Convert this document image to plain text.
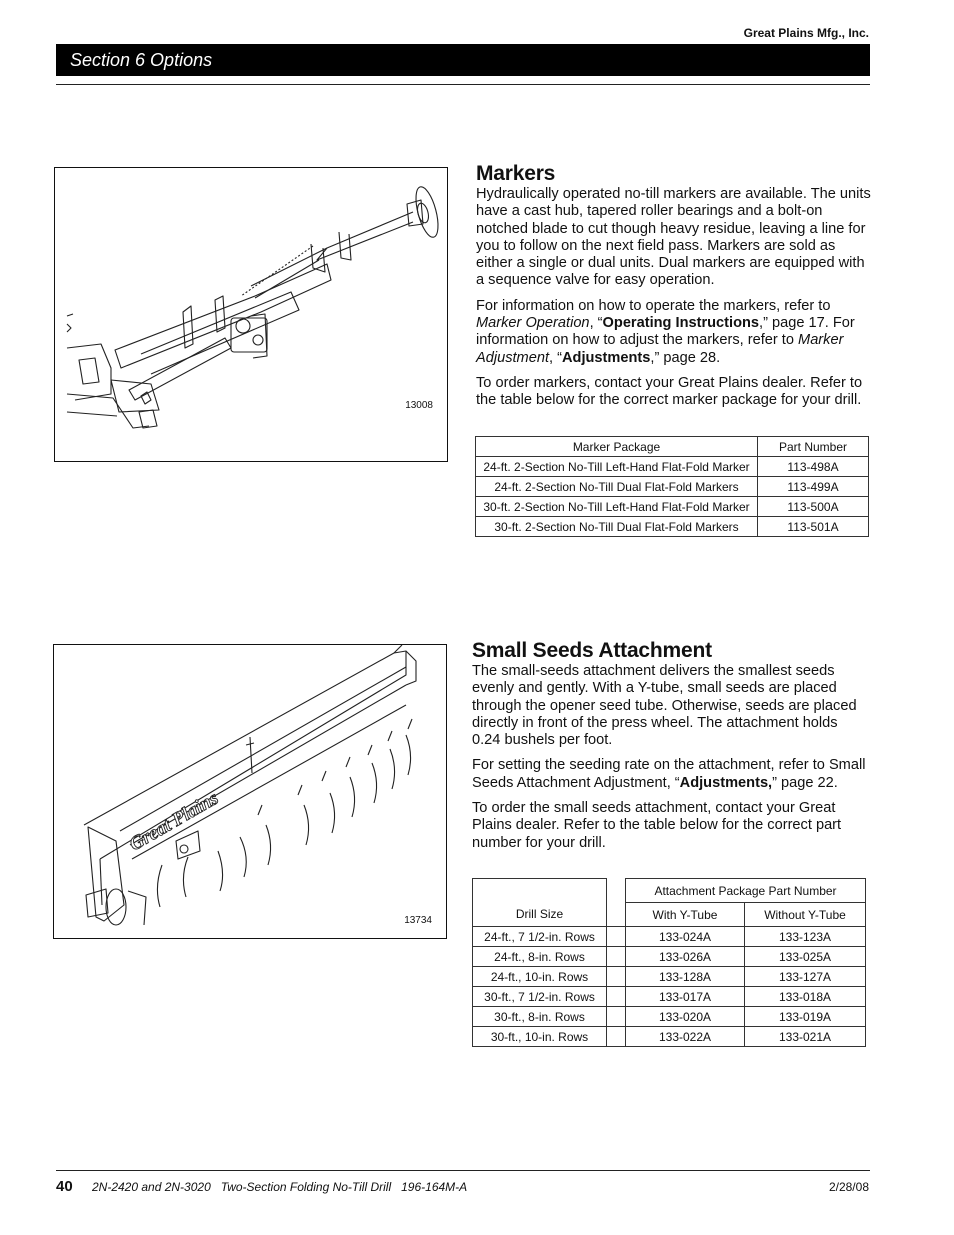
Great Plains Mfg., Inc.
Section 6 Options
13008
Markers

Hydraulically operated no-till markers are available. The units have a cast hub, tapered roller bearings and a bolt-on notched blade to cut though heavy residue, leaving a line for you to follow on the next field pass. Markers are sold as either a single or dual units. Dual markers are equipped with a sequence valve for easy operation.

For information on how to operate the markers, refer to Marker Operation, “Operating Instructions,” page 17. For information on how to adjust the markers, refer to Marker Adjustment, “Adjustments,” page 28.

To order markers, contact your Great Plains dealer. Refer to the table below for the correct marker package for your drill.

Marker Package	Part Number
24-ft. 2-Section No-Till Left-Hand Flat-Fold Marker	113-498A
24-ft. 2-Section No-Till Dual Flat-Fold Markers	113-499A
30-ft. 2-Section No-Till Left-Hand Flat-Fold Marker	113-500A
30-ft. 2-Section No-Till Dual Flat-Fold Markers	113-501A
Great Plains
13734
Small Seeds Attachment

The small-seeds attachment delivers the smallest seeds evenly and gently. With a Y-tube, small seeds are placed through the opener seed tube. Otherwise, seeds are placed directly in front of the press wheel. The attachment holds 0.24 bushels per foot.

For setting the seeding rate on the attachment, refer to Small Seeds Attachment Adjustment, “Adjustments,” page 22.

To order the small seeds attachment, contact your Great Plains dealer. Refer to the table below for the correct part number for your drill.

Drill Size		Attachment Package Part Number	
		With Y-Tube	Without Y-Tube
24-ft., 7 1/2-in. Rows		133-024A	133-123A
24-ft., 8-in. Rows		133-026A	133-025A
24-ft., 10-in. Rows		133-128A	133-127A
30-ft., 7 1/2-in. Rows		133-017A	133-018A
30-ft., 8-in. Rows		133-020A	133-019A
30-ft., 10-in. Rows		133-022A	133-021A
40 2N-2420 and 2N-3020   Two-Section Folding No-Till Drill   196-164M-A	2/28/08
